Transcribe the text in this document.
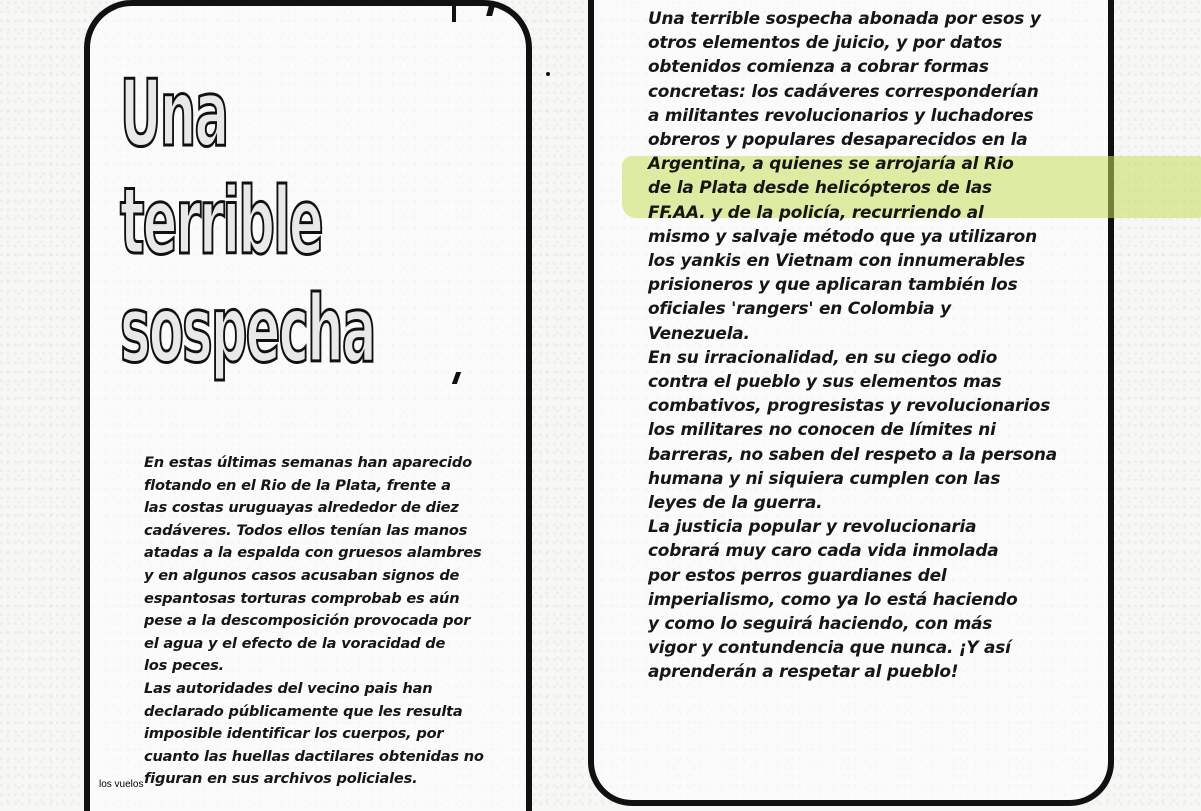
Una
terrible
sospecha
En estas últimas semanas han aparecido
flotando en el Rio de la Plata, frente a
las costas uruguayas alrededor de diez
cadáveres. Todos ellos tenían las manos
atadas a la espalda con gruesos alambres
y en algunos casos acusaban signos de
espantosas torturas comprobab es aún
pese a la descomposición provocada por
el agua y el efecto de la voracidad de
los peces.
Las autoridades del vecino pais han
declarado públicamente que les resulta
imposible identificar los cuerpos, por
cuanto las huellas dactilares obtenidas no
figuran en sus archivos policiales.
Una terrible sospecha abonada por esos y
otros elementos de juicio, y por datos
obtenidos comienza a cobrar formas
concretas: los cadáveres corresponderían
a militantes revolucionarios y luchadores
obreros y populares desaparecidos en la
Argentina, a quienes se arrojaría al Rio
de la Plata desde helicópteros de las
FF.AA. y de la policía, recurriendo al
mismo y salvaje método que ya utilizaron
los yankis en Vietnam con innumerables
prisioneros y que aplicaran también los
oficiales 'rangers' en Colombia y
Venezuela.
En su irracionalidad, en su ciego odio
contra el pueblo y sus elementos mas
combativos, progresistas y revolucionarios
los militares no conocen de límites ni
barreras, no saben del respeto a la persona
humana y ni siquiera cumplen con las
leyes de la guerra.
La justicia popular y revolucionaria
cobrará muy caro cada vida inmolada
por estos perros guardianes del
imperialismo, como ya lo está haciendo
y como lo seguirá haciendo, con más
vigor y contundencia que nunca. ¡Y así
aprenderán a respetar al pueblo!
los vuelos
